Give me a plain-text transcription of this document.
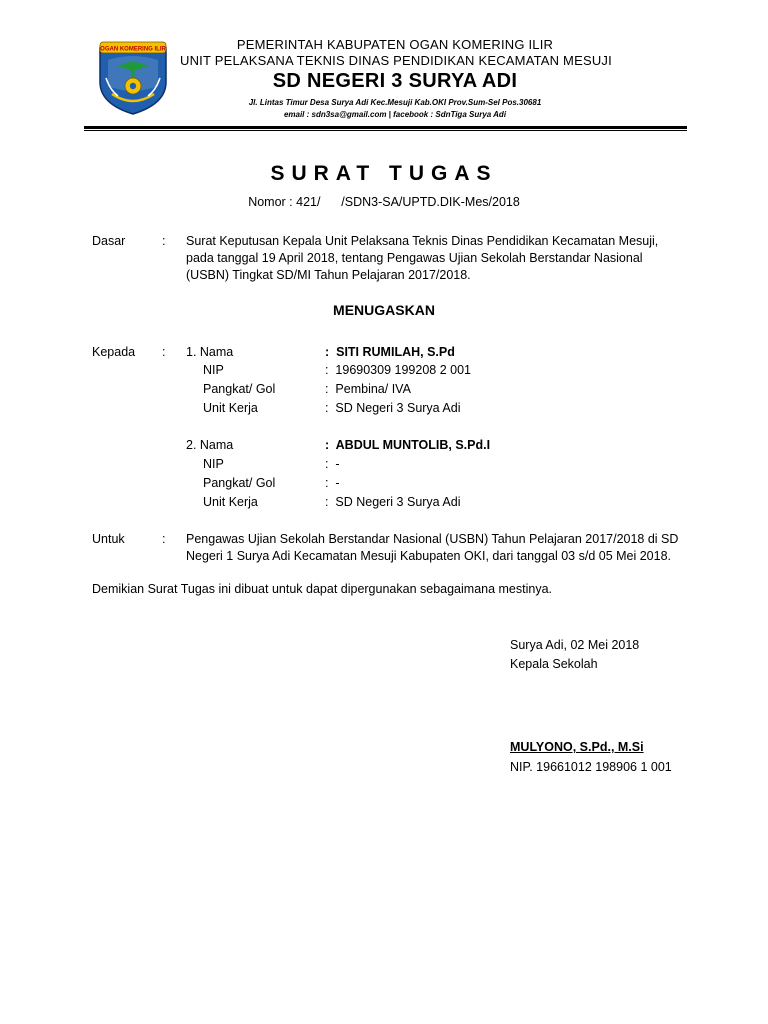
OGAN KOMERING ILIR	PEMERINTAH KABUPATEN OGAN KOMERING ILIR
UNIT PELAKSANA TEKNIS DINAS PENDIDIKAN KECAMATAN MESUJI
SD NEGERI 3 SURYA ADI
Jl. Lintas Timur Desa Surya Adi Kec.Mesuji Kab.OKI Prov.Sum-Sel Pos.30681
email : sdn3sa@gmail.com | facebook : SdnTiga Surya Adi
SURAT TUGAS
Nomor : 421/      /SDN3-SA/UPTD.DIK-Mes/2018
Dasar	: Surat Keputusan Kepala Unit Pelaksana Teknis Dinas Pendidikan Kecamatan Mesuji,
pada tanggal 19 April 2018, tentang Pengawas Ujian Sekolah Berstandar Nasional
(USBN) Tingkat SD/MI Tahun Pelajaran 2017/2018.
MENUGASKAN
Kepada : 1. Nama	:  SITI RUMILAH, S.Pd
NIP	:  19690309 199208 2 001
Pangkat/ Gol	:  Pembina/ IVA
Unit Kerja	:  SD Negeri 3 Surya Adi
2. Nama	:  ABDUL MUNTOLIB, S.Pd.I
NIP	:  -
Pangkat/ Gol	:  -
Unit Kerja	:  SD Negeri 3 Surya Adi
Untuk	: Pengawas Ujian Sekolah Berstandar Nasional (USBN) Tahun Pelajaran 2017/2018 di SD
Negeri 1 Surya Adi Kecamatan Mesuji Kabupaten OKI, dari tanggal 03 s/d 05 Mei 2018.
Demikian Surat Tugas ini dibuat untuk dapat dipergunakan sebagaimana mestinya.
Surya Adi, 02 Mei 2018
Kepala Sekolah
MULYONO, S.Pd., M.Si
NIP. 19661012 198906 1 001
